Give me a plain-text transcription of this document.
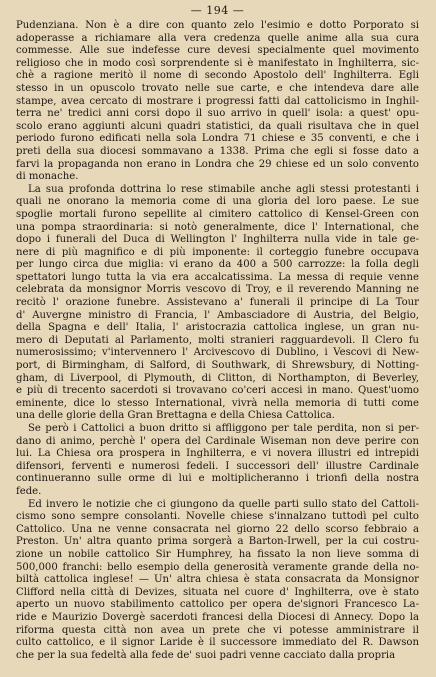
— 194 —
Pudenziana. Non è a dire con quanto zelo l'esimio e dotto Porporato si
adoperasse a richiamare alla vera credenza quelle anime alla sua cura
commesse. Alle sue indefesse cure devesi specialmente quel movimento
religioso che in modo così sorprendente si è manifestato in Inghilterra, sic-
chè a ragione meritò il nome di secondo Apostolo dell' Inghilterra. Egli
stesso in un opuscolo trovato nelle sue carte, e che intendeva dare alle
stampe, avea cercato di mostrare i progressi fatti dal cattolicismo in Inghil-
terra ne' tredici anni corsi dopo il suo arrivo in quell' isola: a quest' opu-
scolo erano aggiunti alcuni quadri statistici, da quali risultava che in quel
periodo furono edificati nella sola Londra 71 chiese e 35 conventi, e che i
preti della sua diocesi sommavano a 1338. Prima che egli si fosse dato a
farvi la propaganda non erano in Londra che 29 chiese ed un solo convento
di monache.
La sua profonda dottrina lo rese stimabile anche agli stessi protestanti i
quali ne onorano la memoria come di una gloria del loro paese. Le sue
spoglie mortali furono sepellite al cimitero cattolico di Kensel-Green con
una pompa straordinaria: si notò generalmente, dice l' International, che
dopo i funerali del Duca di Wellington l' Inghilterra nulla vide in tale ge-
nere di più magnifico e di più imponente: il corteggio funebre occupava
per lungo circa due miglia: vi erano da 400 a 500 carrozze: la folla degli
spettatori lungo tutta la via era accalcatissima. La messa di requie venne
celebrata da monsignor Morris vescovo di Troy, e il reverendo Manning ne
recitò l' orazione funebre. Assistevano a' funerali il principe di La Tour
d' Auvergne ministro di Francia, l' Ambasciadore di Austria, del Belgio,
della Spagna e dell' Italia, l' aristocrazia cattolica inglese, un gran nu-
mero di Deputati al Parlamento, molti stranieri ragguardevoli. Il Clero fu
numerosissimo; v'intervennero l' Arcivescovo di Dublino, i Vescovi di New-
port, di Birmingham, di Salford, di Southwark, di Shrewsbury, di Notting-
gham, di Liverpool, di Plymouth, di Clitton, di Northampton, di Beverley,
e più di trecento sacerdoti si trovavano co'ceri accesi in mano. Quest'uomo
eminente, dice lo stesso International, vivrà nella memoria di tutti come
una delle glorie della Gran Brettagna e della Chiesa Cattolica.
Se però i Cattolici a buon dritto si affliggono per tale perdita, non si per-
dano di animo, perchè l' opera del Cardinale Wiseman non deve perire con
lui. La Chiesa ora prospera in Inghilterra, e vi novera illustri ed intrepidi
difensori, ferventi e numerosi fedeli. I successori dell' illustre Cardinale
continueranno sulle orme di lui e moltiplicheranno i trionfi della nostra
fede.
Ed invero le notizie che ci giungono da quelle parti sullo stato del Cattoli-
cismo sono sempre consolanti. Novelle chiese s'innalzano tuttodì pel culto
Cattolico. Una ne venne consacrata nel giorno 22 dello scorso febbraio a
Preston. Un' altra quanto prima sorgerà a Barton-Irwell, per la cui costru-
zione un nobile cattolico Sir Humphrey, ha fissato la non lieve somma di
500,000 franchi: bello esempio della generosità veramente grande della no-
biltà cattolica inglese! — Un' altra chiesa è stata consacrata da Monsignor
Clifford nella città di Devizes, situata nel cuore d' Inghilterra, ove è stato
aperto un nuovo stabilimento cattolico per opera de'signori Francesco La-
ride e Maurizio Dovergè sacerdoti francesi della Diocesi di Annecy. Dopo la
riforma questa città non avea un prete che vi potesse amministrare il
culto cattolico, e il signor Laride è il successore immediato del R. Dawson
che per la sua fedeltà alla fede de' suoi padri venne cacciato dalla propria
